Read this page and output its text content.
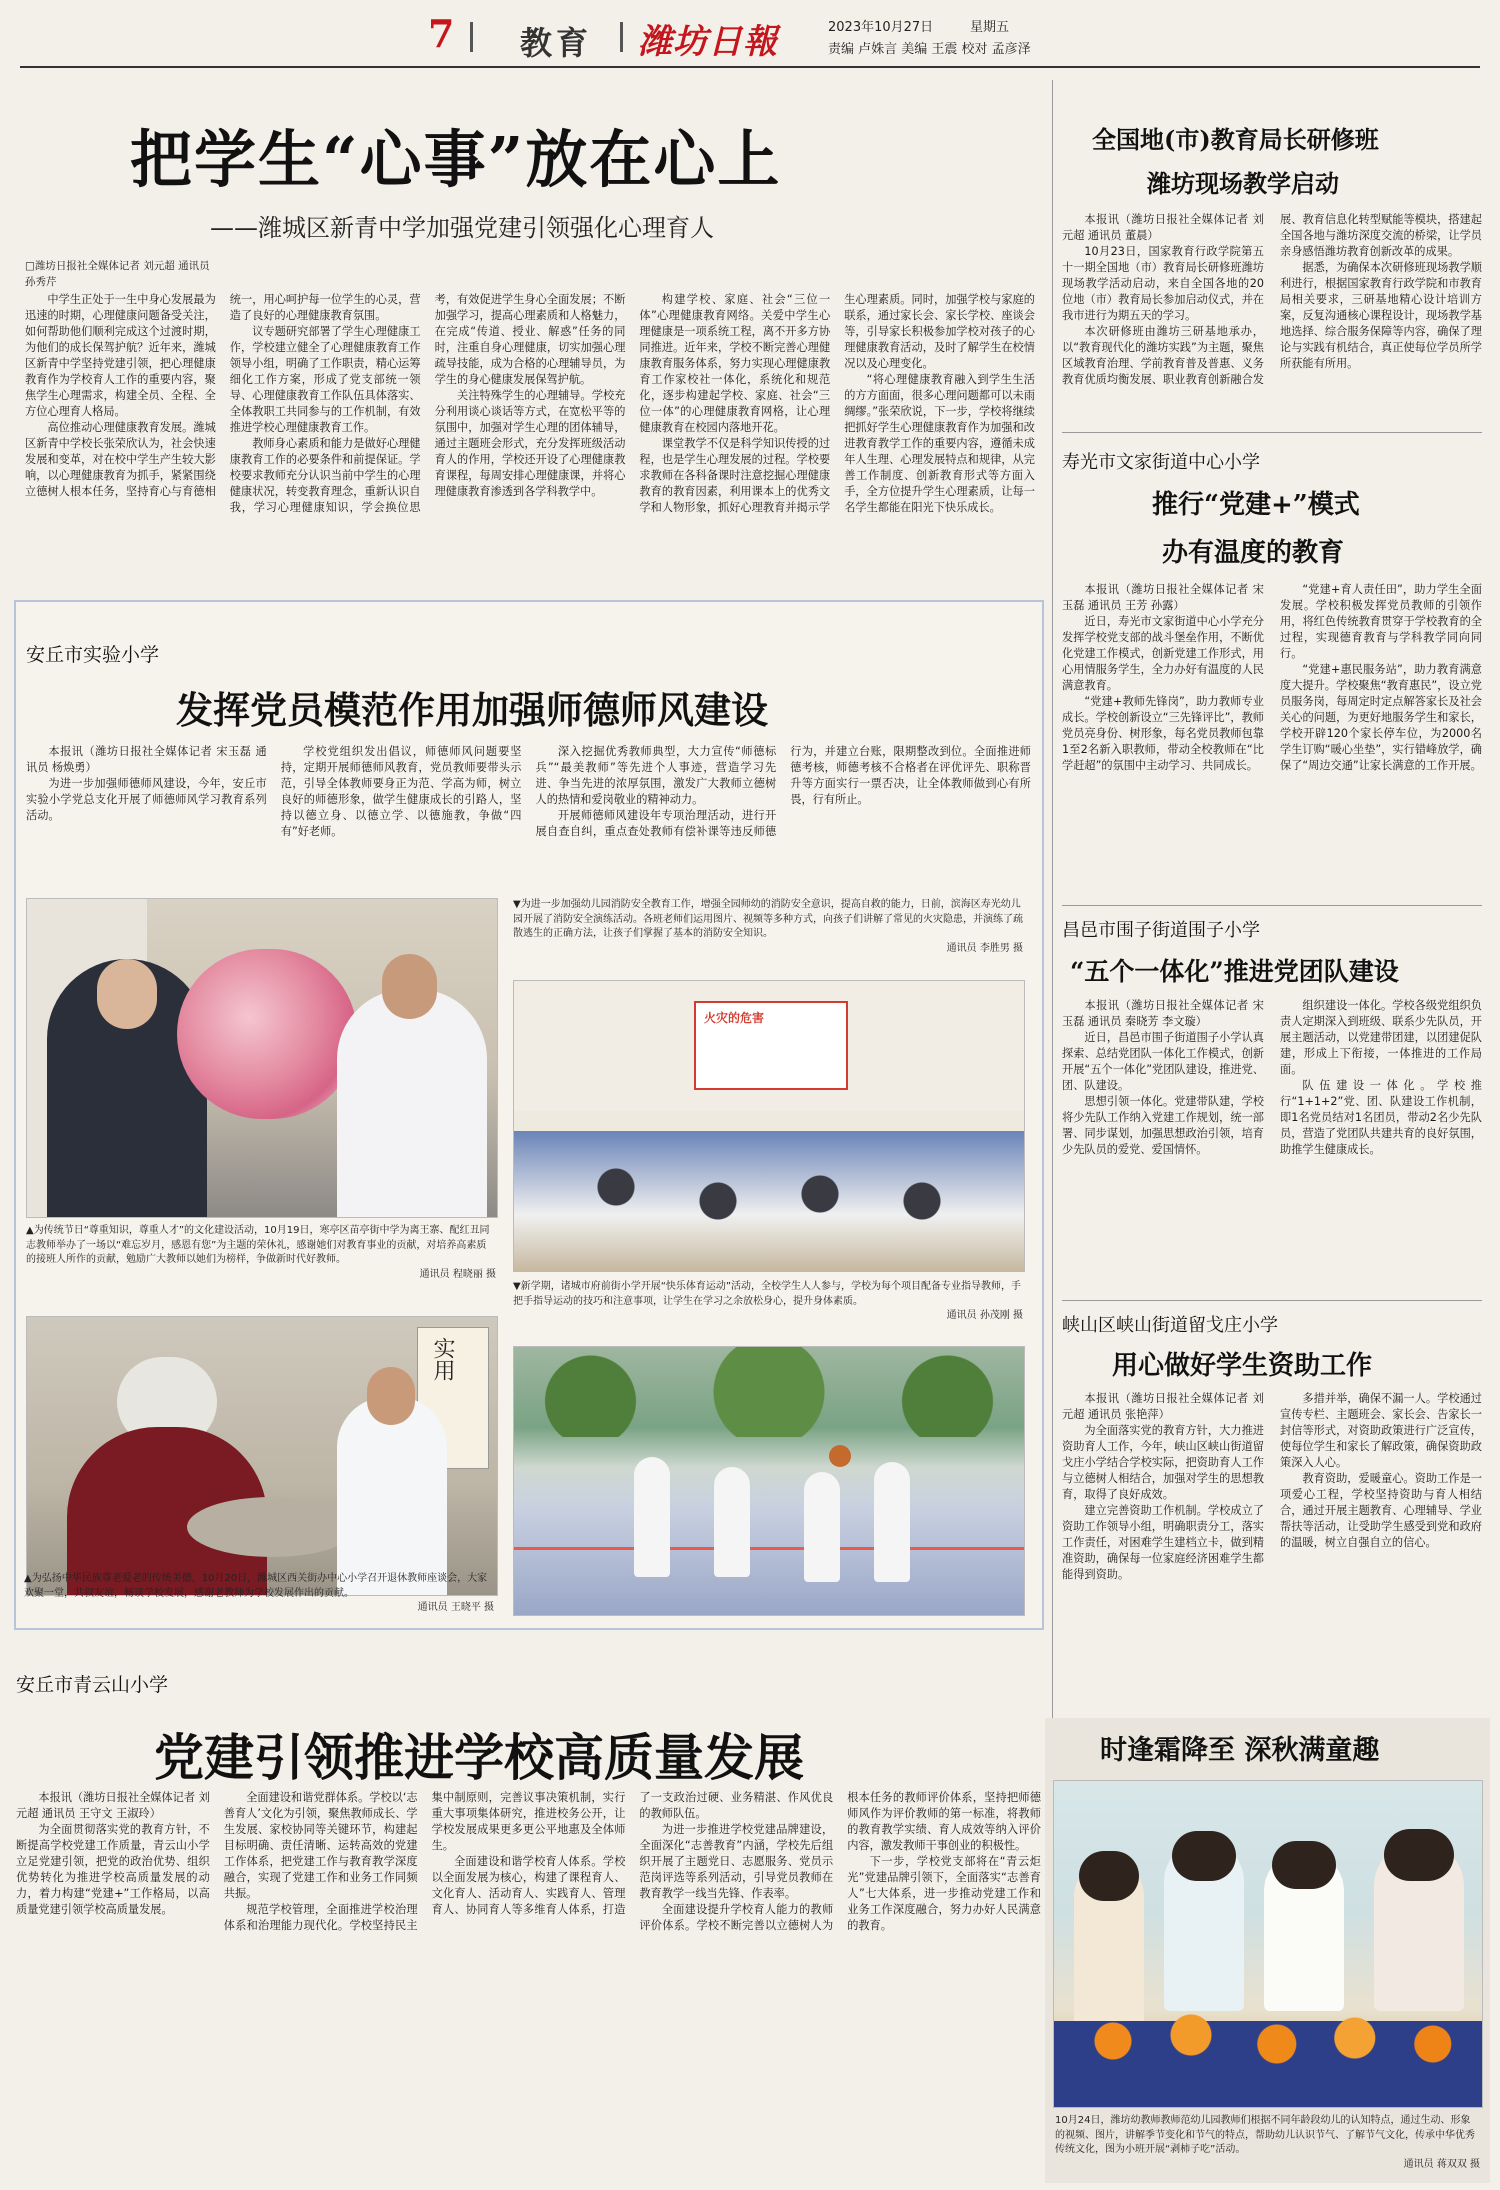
7 教育 潍坊日報	2023年10月27日	星期五
责编 卢姝言 美编 王震 校对 孟彦泽
把学生“心事”放在心上
——潍城区新青中学加强党建引领强化心理育人
□潍坊日报社全媒体记者 刘元超 通讯员 孙秀芹

中学生正处于一生中身心发展最为迅速的时期，心理健康问题备受关注，如何帮助他们顺利完成这个过渡时期，为他们的成长保驾护航？近年来，潍城区新青中学坚持党建引领，把心理健康教育作为学校育人工作的重要内容，聚焦学生心理需求，构建全员、全程、全方位心理育人格局。

高位推动心理健康教育发展。潍城区新青中学校长张荣欣认为，社会快速发展和变革，对在校中学生产生较大影响，以心理健康教育为抓手，紧紧围绕立德树人根本任务，坚持育心与育德相统一，用心呵护每一位学生的心灵，营造了良好的心理健康教育氛围。

议专题研究部署了学生心理健康工作，学校建立健全了心理健康教育工作领导小组，明确了工作职责，精心运筹细化工作方案，形成了党支部统一领导、心理健康教育工作队伍具体落实、全体教职工共同参与的工作机制，有效推进学校心理健康教育工作。

教师身心素质和能力是做好心理健康教育工作的必要条件和前提保证。学校要求教师充分认识当前中学生的心理健康状况，转变教育理念，重新认识自我，学习心理健康知识，学会换位思考，有效促进学生身心全面发展；不断加强学习，提高心理素质和人格魅力，在完成“传道、授业、解惑”任务的同时，注重自身心理健康，切实加强心理疏导技能，成为合格的心理辅导员，为学生的身心健康发展保驾护航。

关注特殊学生的心理辅导。学校充分利用谈心谈话等方式，在宽松平等的氛围中，加强对学生心理的团体辅导，通过主题班会形式，充分发挥班级活动育人的作用，学校还开设了心理健康教育课程，每周安排心理健康课，并将心理健康教育渗透到各学科教学中。

构建学校、家庭、社会“三位一体”心理健康教育网络。关爱中学生心理健康是一项系统工程，离不开多方协同推进。近年来，学校不断完善心理健康教育服务体系，努力实现心理健康教育工作家校社一体化，系统化和规范化，逐步构建起学校、家庭、社会“三位一体”的心理健康教育网格，让心理健康教育在校园内落地开花。

课堂教学不仅是科学知识传授的过程，也是学生心理发展的过程。学校要求教师在各科备课时注意挖掘心理健康教育的教育因素，利用课本上的优秀文学和人物形象，抓好心理教育并揭示学生心理素质。同时，加强学校与家庭的联系，通过家长会、家长学校、座谈会等，引导家长积极参加学校对孩子的心理健康教育活动，及时了解学生在校情况以及心理变化。

“将心理健康教育融入到学生生活的方方面面，很多心理问题都可以未雨绸缪。”张荣欣说，下一步，学校将继续把抓好学生心理健康教育作为加强和改进教育教学工作的重要内容，遵循未成年人生理、心理发展特点和规律，从完善工作制度、创新教育形式等方面入手，全方位提升学生心理素质，让每一名学生都能在阳光下快乐成长。

安丘市实验小学
发挥党员模范作用加强师德师风建设

本报讯（潍坊日报社全媒体记者 宋玉磊 通讯员 杨焕勇）

为进一步加强师德师风建设，今年，安丘市实验小学党总支化开展了师德师风学习教育系列活动。

学校党组织发出倡议，师德师风问题要坚持，定期开展师德师风教育，党员教师要带头示范，引导全体教师要身正为范、学高为师，树立良好的师德形象，做学生健康成长的引路人，坚持以德立身、以德立学、以德施教，争做“四有”好老师。

深入挖掘优秀教师典型，大力宣传“师德标兵”“最美教师”等先进个人事迹，营造学习先进、争当先进的浓厚氛围，激发广大教师立德树人的热情和爱岗敬业的精神动力。

开展师德师风建设年专项治理活动，进行开展自查自纠，重点查处教师有偿补课等违反师德行为，并建立台账，限期整改到位。全面推进师德考核，师德考核不合格者在评优评先、职称晋升等方面实行一票否决，让全体教师做到心有所畏，行有所止。

▲为传统节日“尊重知识，尊重人才”的文化建设活动，10月19日，寒亭区苗亭街中学为离王寨、配红丑同志教师举办了一场以“难忘岁月，感恩有您”为主题的荣休礼，感谢她们对教育事业的贡献，对培养高素质的接班人所作的贡献，勉励广大教师以她们为榜样，争做新时代好教师。
通讯员 程晓丽 摄
▼为进一步加强幼儿园消防安全教育工作，增强全园师幼的消防安全意识，提高自救的能力，日前，滨海区寿光幼儿园开展了消防安全演练活动。各班老师们运用图片、视频等多种方式，向孩子们讲解了常见的火灾隐患，并演练了疏散逃生的正确方法，让孩子们掌握了基本的消防安全知识。
通讯员 李胜男 摄
火灾的危害
实用
▼新学期，诸城市府前街小学开展“快乐体育运动”活动，全校学生人人参与，学校为每个项目配备专业指导教师，手把手指导运动的技巧和注意事项，让学生在学习之余放松身心，提升身体素质。
通讯员 孙茂刚 摄
▲为弘扬中华民族尊老爱老的传统美德，10月20日，潍城区西关街办中心小学召开退休教师座谈会，大家欢聚一堂，共叙友谊，畅谈学校发展，感谢老教师为学校发展作出的贡献。
通讯员 王晓平 摄
安丘市青云山小学
党建引领推进学校高质量发展

本报讯（潍坊日报社全媒体记者 刘元超 通讯员 王守文 王淑玲）

为全面贯彻落实党的教育方针，不断提高学校党建工作质量，青云山小学立足党建引领，把党的政治优势、组织优势转化为推进学校高质量发展的动力，着力构建“党建+”工作格局，以高质量党建引领学校高质量发展。

全面建设和谐党群体系。学校以‘志善育人’文化为引领，聚焦教师成长、学生发展、家校协同等关键环节，构建起目标明确、责任清晰、运转高效的党建工作体系，把党建工作与教育教学深度融合，实现了党建工作和业务工作同频共振。

规范学校管理，全面推进学校治理体系和治理能力现代化。学校坚持民主集中制原则，完善议事决策机制，实行重大事项集体研究，推进校务公开，让学校发展成果更多更公平地惠及全体师生。

全面建设和谐学校育人体系。学校以全面发展为核心，构建了课程育人、文化育人、活动育人、实践育人、管理育人、协同育人等多维育人体系，打造了一支政治过硬、业务精湛、作风优良的教师队伍。

为进一步推进学校党建品牌建设，全面深化“志善教育”内涵，学校先后组织开展了主题党日、志愿服务、党员示范岗评选等系列活动，引导党员教师在教育教学一线当先锋、作表率。

全面建设提升学校育人能力的教师评价体系。学校不断完善以立德树人为根本任务的教师评价体系，坚持把师德师风作为评价教师的第一标准，将教师的教育教学实绩、育人成效等纳入评价内容，激发教师干事创业的积极性。

下一步，学校党支部将在“青云炬光”党建品牌引领下，全面落实“志善育人”七大体系，进一步推动党建工作和业务工作深度融合，努力办好人民满意的教育。

全国地(市)教育局长研修班
潍坊现场教学启动

本报讯（潍坊日报社全媒体记者 刘元超 通讯员 董晨）

10月23日，国家教育行政学院第五十一期全国地（市）教育局长研修班潍坊现场教学活动启动，来自全国各地的20位地（市）教育局长参加启动仪式，并在我市进行为期五天的学习。

本次研修班由潍坊三研基地承办，以“教育现代化的潍坊实践”为主题，聚焦区域教育治理、学前教育普及普惠、义务教育优质均衡发展、职业教育创新融合发展、教育信息化转型赋能等模块，搭建起全国各地与潍坊深度交流的桥梁，让学员亲身感悟潍坊教育创新改革的成果。

据悉，为确保本次研修班现场教学顺利进行，根据国家教育行政学院和市教育局相关要求，三研基地精心设计培训方案，反复沟通核心课程设计，现场教学基地选择、综合服务保障等内容，确保了理论与实践有机结合，真正使每位学员所学所获能有所用。

寿光市文家街道中心小学
推行“党建+”模式
办有温度的教育

本报讯（潍坊日报社全媒体记者 宋玉磊 通讯员 王芳 孙露）

近日，寿光市文家街道中心小学充分发挥学校党支部的战斗堡垒作用，不断优化党建工作模式，创新党建工作形式，用心用情服务学生，全力办好有温度的人民满意教育。

“党建+教师先锋岗”，助力教师专业成长。学校创新设立“三先锋评比”，教师党员亮身份、树形象，每名党员教师包靠1至2名新入职教师，带动全校教师在“比学赶超”的氛围中主动学习、共同成长。

“党建+育人责任田”，助力学生全面发展。学校积极发挥党员教师的引领作用，将红色传统教育贯穿于学校教育的全过程，实现德育教育与学科教学同向同行。

“党建+惠民服务站”，助力教育满意度大提升。学校聚焦“教育惠民”，设立党员服务岗，每周定时定点解答家长及社会关心的问题，为更好地服务学生和家长，学校开辟120个家长停车位，为2000名学生订购“暖心坐垫”，实行错峰放学，确保了“周边交通”让家长满意的工作开展。

昌邑市围子街道围子小学
“五个一体化”推进党团队建设

本报讯（潍坊日报社全媒体记者 宋玉磊 通讯员 秦晓芳 李文璇）

近日，昌邑市围子街道围子小学认真探索、总结党团队一体化工作模式，创新开展“五个一体化”党团队建设，推进党、团、队建设。

思想引领一体化。党建带队建，学校将少先队工作纳入党建工作规划，统一部署、同步谋划，加强思想政治引领，培育少先队员的爱党、爱国情怀。

组织建设一体化。学校各级党组织负责人定期深入到班级、联系少先队员，开展主题活动，以党建带团建，以团建促队建，形成上下衔接，一体推进的工作局面。

队伍建设一体化。学校推行“1+1+2”党、团、队建设工作机制，即1名党员结对1名团员，带动2名少先队员，营造了党团队共建共育的良好氛围，助推学生健康成长。

峡山区峡山街道留戈庄小学
用心做好学生资助工作

本报讯（潍坊日报社全媒体记者 刘元超 通讯员 张艳萍）

为全面落实党的教育方针，大力推进资助育人工作，今年，峡山区峡山街道留戈庄小学结合学校实际，把资助育人工作与立德树人相结合，加强对学生的思想教育，取得了良好成效。

建立完善资助工作机制。学校成立了资助工作领导小组，明确职责分工，落实工作责任，对困难学生建档立卡，做到精准资助，确保每一位家庭经济困难学生都能得到资助。

多措并举，确保不漏一人。学校通过宣传专栏、主题班会、家长会、告家长一封信等形式，对资助政策进行广泛宣传，使每位学生和家长了解政策，确保资助政策深入人心。

教育资助，爱暖童心。资助工作是一项爱心工程，学校坚持资助与育人相结合，通过开展主题教育、心理辅导、学业帮扶等活动，让受助学生感受到党和政府的温暖，树立自强自立的信心。

时逢霜降至 深秋满童趣
10月24日，潍坊幼教师教师范幼儿园教师们根据不同年龄段幼儿的认知特点，通过生动、形象的视频、图片，讲解季节变化和节气的特点，帮助幼儿认识节气、了解节气文化，传承中华优秀传统文化，图为小班开展“剥柿子吃”活动。
通讯员 蒋双双 摄
